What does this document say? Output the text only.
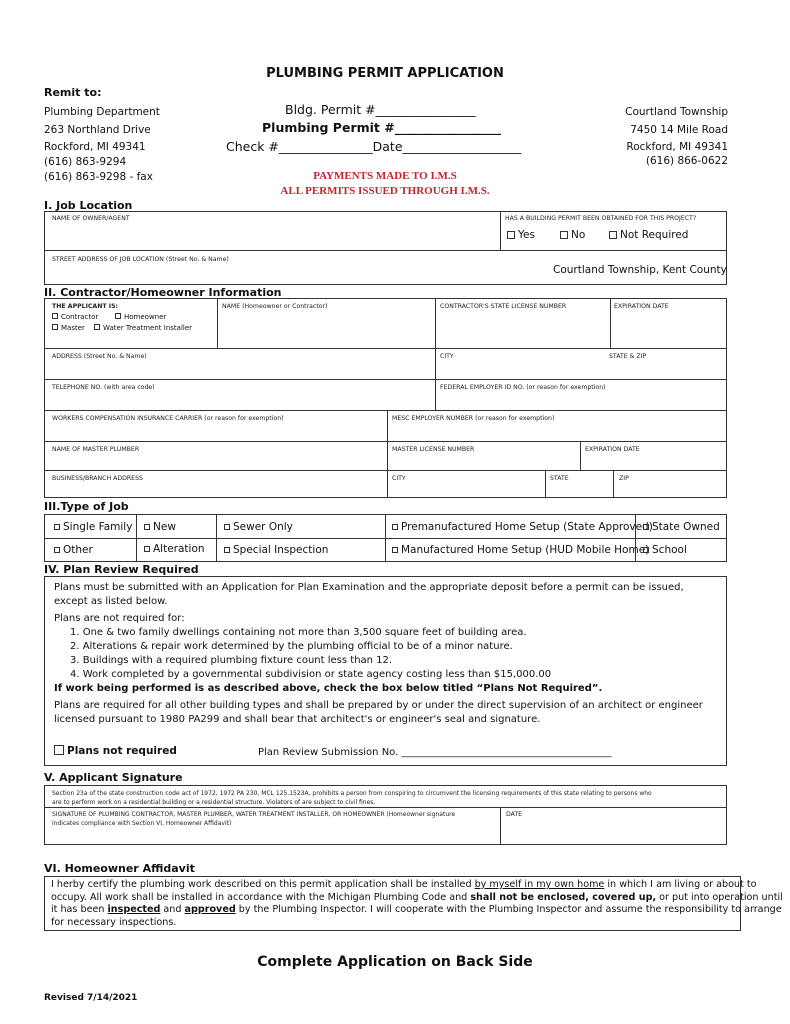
PLUMBING PERMIT APPLICATION
Remit to:
Plumbing Department
263 Northland Drive
Rockford, MI 49341
(616) 863-9294
(616) 863-9298 - fax
Courtland Township
7450 14 Mile Road
Rockford, MI 49341
(616) 866-0622
Bldg. Permit #________________
Plumbing Permit #_________________
Check #_______________Date___________________
PAYMENTS MADE TO I.M.S
ALL PERMITS ISSUED THROUGH I.M.S.
I. Job Location
NAME OF OWNER/AGENT	HAS A BUILDING PERMIT BEEN OBTAINED FOR THIS PROJECT?
Yes	No	Not Required
STREET ADDRESS OF JOB LOCATION (Street No. & Name)
Courtland Township, Kent County
II. Contractor/Homeowner Information
THE APPLICANT IS:
Contractor	Homeowner
Master	Water Treatment Installer
NAME (Homeowner or Contractor)	CONTRACTOR'S STATE LICENSE NUMBER	EXPIRATION DATE
ADDRESS (Street No. & Name)	CITY	STATE & ZIP
TELEPHONE NO. (with area code)	FEDERAL EMPLOYER ID NO. (or reason for exemption)
WORKERS COMPENSATION INSURANCE CARRIER (or reason for exemption)	MESC EMPLOYER NUMBER (or reason for exemption)
NAME OF MASTER PLUMBER	MASTER LICENSE NUMBER	EXPIRATION DATE
BUSINESS/BRANCH ADDRESS	CITY	STATE	ZIP
III.Type of Job
Single Family	New	Sewer Only	Premanufactured Home Setup (State Approved) State Owned
Other	Alteration	Special Inspection	Manufactured Home Setup (HUD Mobile Home) School
IV. Plan Review Required
Plans must be submitted with an Application for Plan Examination and the appropriate deposit before a permit can be issued,
except as listed below.
Plans are not required for:
1. One & two family dwellings containing not more than 3,500 square feet of building area.
2. Alterations & repair work determined by the plumbing official to be of a minor nature.
3. Buildings with a required plumbing fixture count less than 12.
4. Work completed by a governmental subdivision or state agency costing less than $15,000.00
If work being performed is as described above, check the box below titled “Plans Not Required”.
Plans are required for all other building types and shall be prepared by or under the direct supervision of an architect or engineer
licensed pursuant to 1980 PA299 and shall bear that architect's or engineer's seal and signature.
Plans not required	Plan Review Submission No. __________________________________________
V. Applicant Signature
Section 23a of the state construction code act of 1972, 1972 PA 230, MCL 125.1523A, prohibits a person from conspiring to circumvent the licensing requirements of this state relating to persons who
are to perform work on a residential building or a residential structure. Violators of are subject to civil fines.
SIGNATURE OF PLUMBING CONTRACTOR, MASTER PLUMBER, WATER TREATMENT INSTALLER, OR HOMEOWNER (Homeowner signature
indicates compliance with Section VI, Homeowner Affidavit)
DATE
VI. Homeowner Affidavit
I herby certify the plumbing work described on this permit application shall be installed by myself in my own home in which I am living or about to
occupy. All work shall be installed in accordance with the Michigan Plumbing Code and shall not be enclosed, covered up, or put into operation until
it has been inspected and approved by the Plumbing Inspector. I will cooperate with the Plumbing Inspector and assume the responsibility to arrange
for necessary inspections.
Complete Application on Back Side
Revised 7/14/2021
